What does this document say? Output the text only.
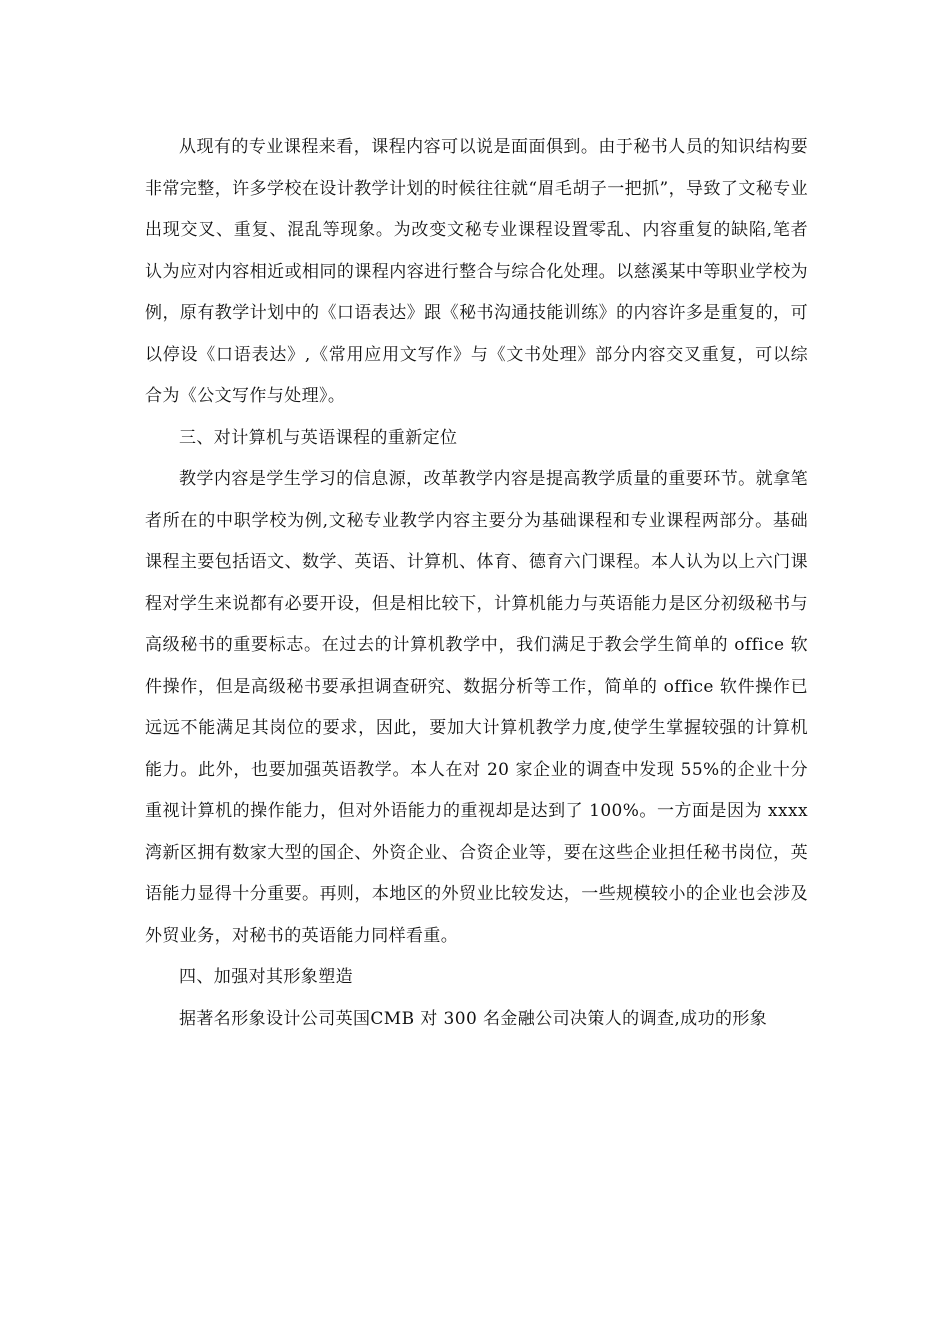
从现有的专业课程来看，课程内容可以说是面面俱到。由于秘书人员的知识结构要非常完整，许多学校在设计教学计划的时候往往就“眉毛胡子一把抓”，导致了文秘专业出现交叉、重复、混乱等现象。为改变文秘专业课程设置零乱、内容重复的缺陷,笔者认为应对内容相近或相同的课程内容进行整合与综合化处理。以慈溪某中等职业学校为例，原有教学计划中的《口语表达》跟《秘书沟通技能训练》的内容许多是重复的，可以停设《口语表达》,《常用应用文写作》与《文书处理》部分内容交叉重复，可以综合为《公文写作与处理》。

三、对计算机与英语课程的重新定位

教学内容是学生学习的信息源，改革教学内容是提高教学质量的重要环节。就拿笔者所在的中职学校为例,文秘专业教学内容主要分为基础课程和专业课程两部分。基础课程主要包括语文、数学、英语、计算机、体育、德育六门课程。本人认为以上六门课程对学生来说都有必要开设，但是相比较下，计算机能力与英语能力是区分初级秘书与高级秘书的重要标志。在过去的计算机教学中，我们满足于教会学生简单的 office 软件操作，但是高级秘书要承担调查研究、数据分析等工作，简单的 office 软件操作已远远不能满足其岗位的要求，因此，要加大计算机教学力度,使学生掌握较强的计算机能力。此外，也要加强英语教学。本人在对 20 家企业的调查中发现 55%的企业十分重视计算机的操作能力，但对外语能力的重视却是达到了 100%。一方面是因为 xxxx 湾新区拥有数家大型的国企、外资企业、合资企业等，要在这些企业担任秘书岗位，英语能力显得十分重要。再则，本地区的外贸业比较发达，一些规模较小的企业也会涉及外贸业务，对秘书的英语能力同样看重。

四、加强对其形象塑造

据著名形象设计公司英国CMB 对 300 名金融公司决策人的调查,成功的形象
